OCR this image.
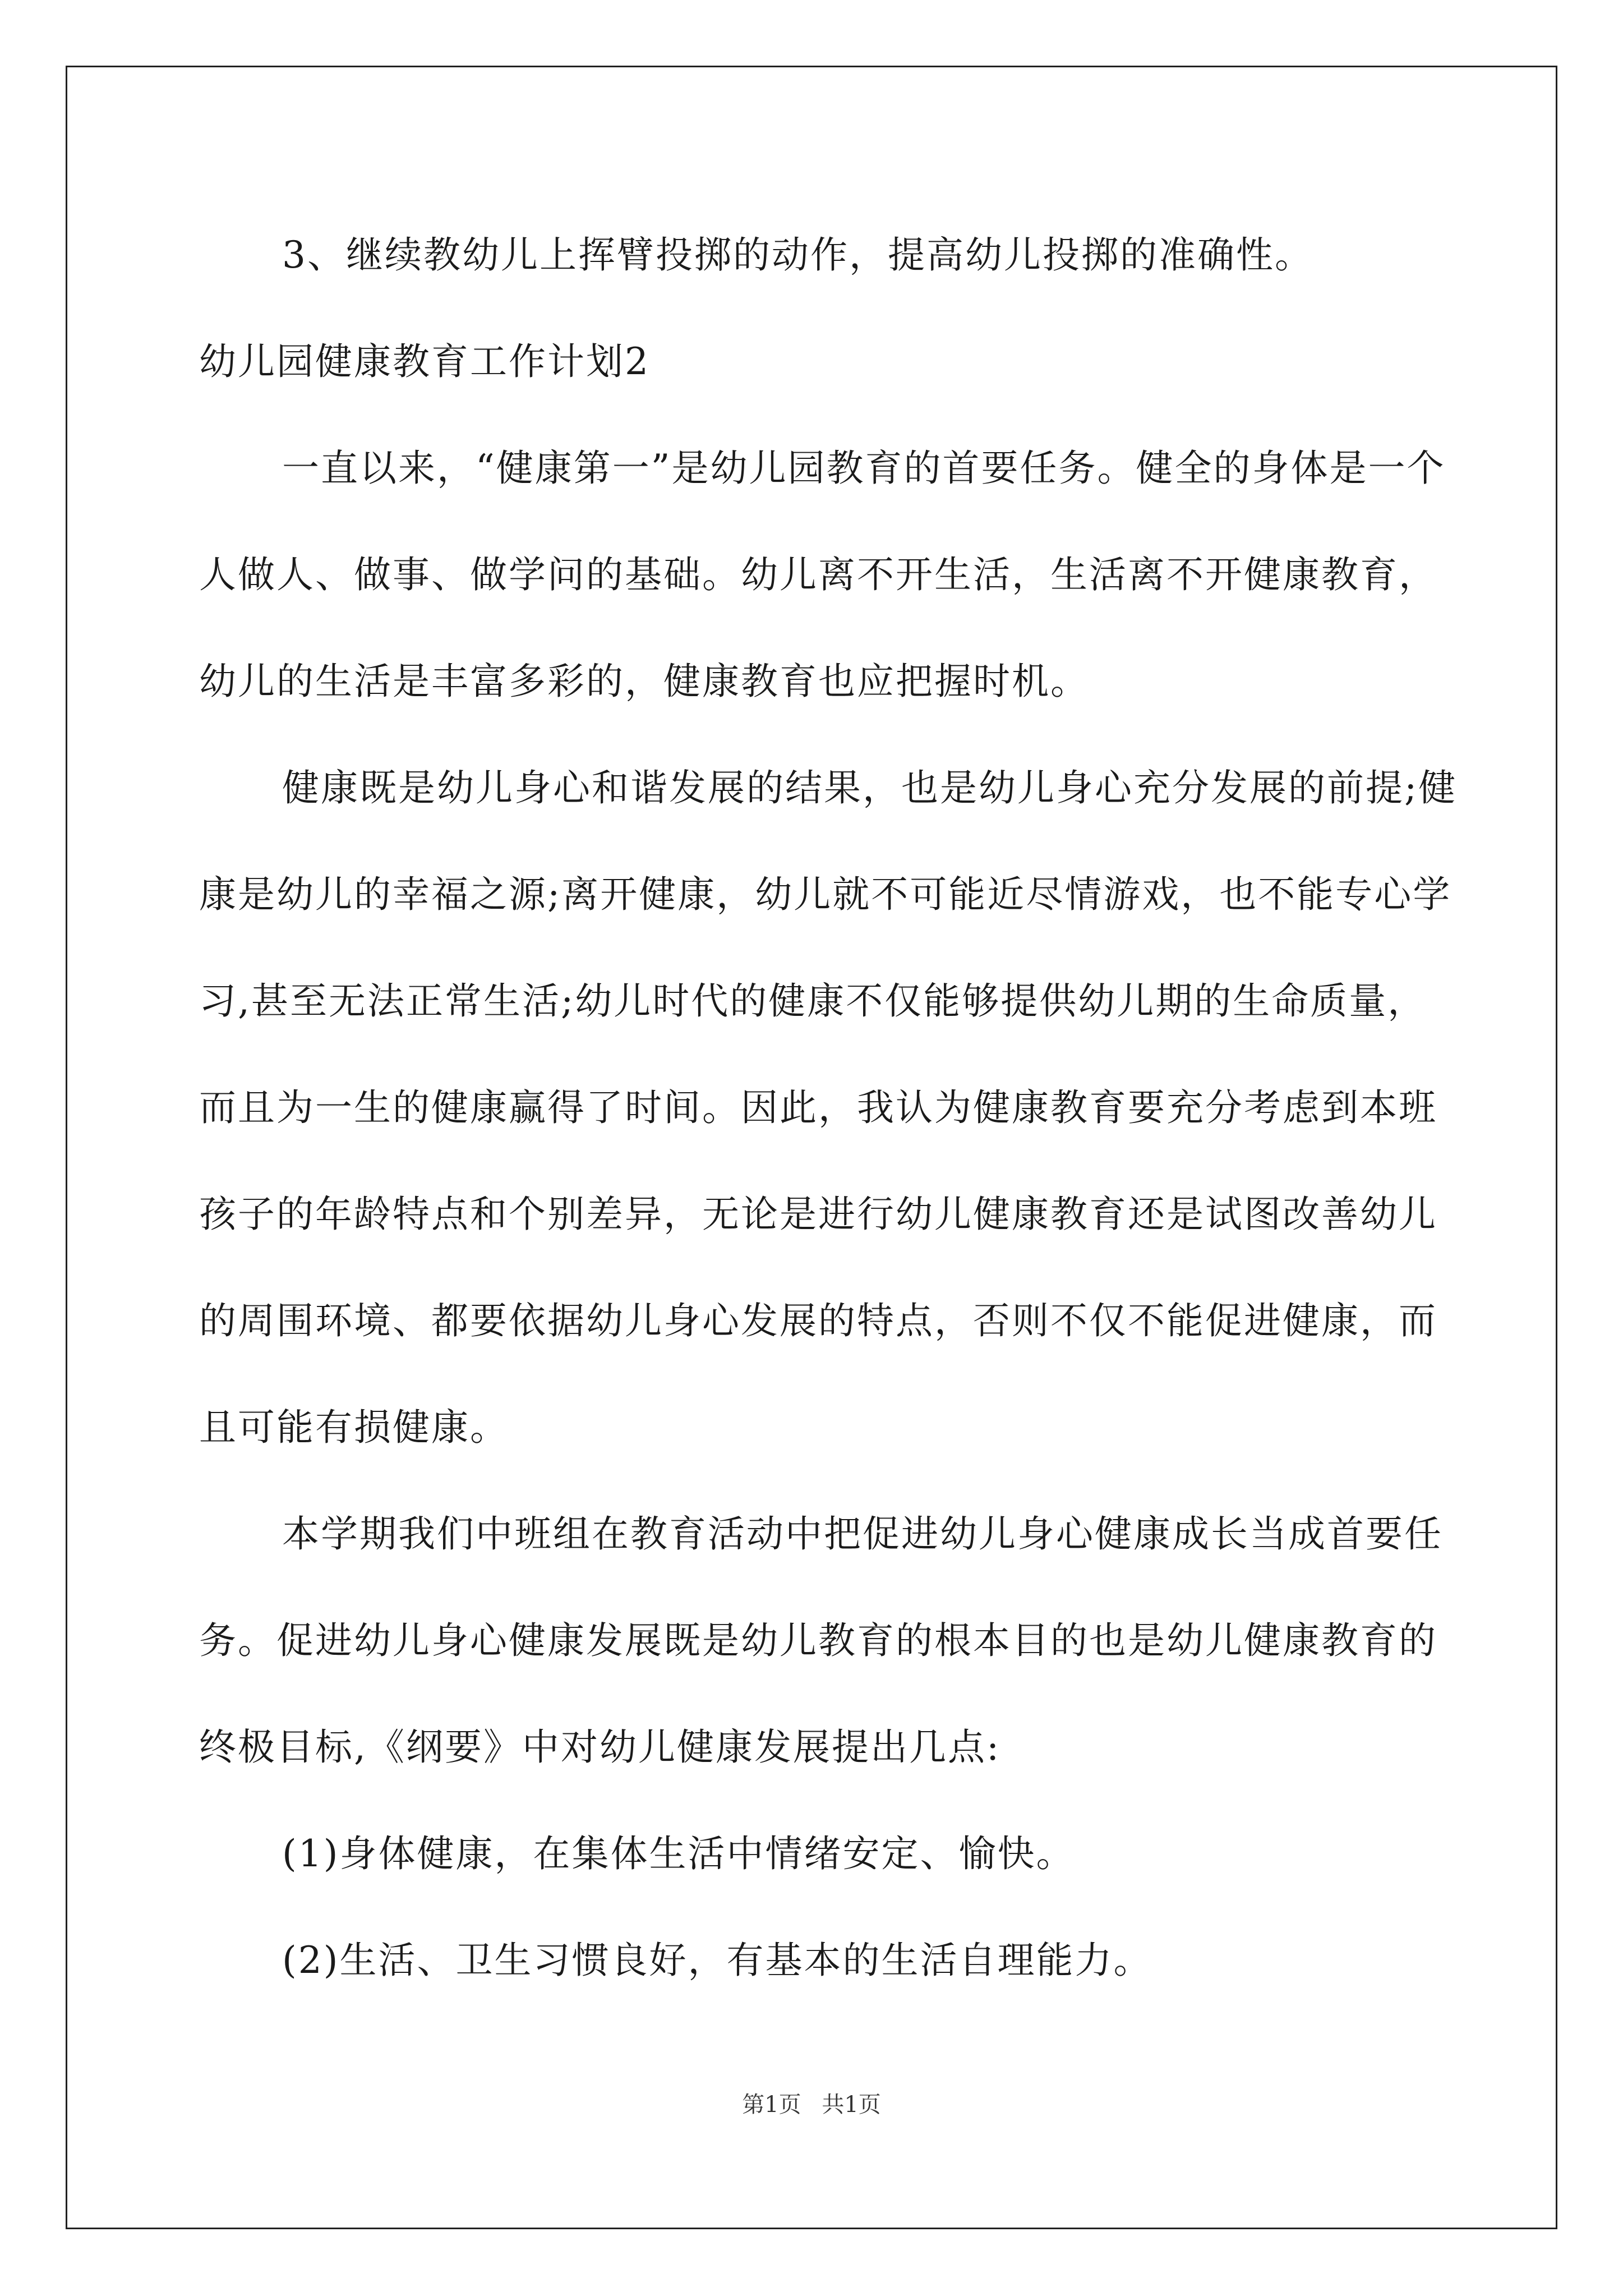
3、继续教幼儿上挥臂投掷的动作，提高幼儿投掷的准确性。

幼儿园健康教育工作计划2

一直以来，“健康第一”是幼儿园教育的首要任务。健全的身体是一个人做人、做事、做学问的基础。幼儿离不开生活，生活离不开健康教育，幼儿的生活是丰富多彩的，健康教育也应把握时机。

健康既是幼儿身心和谐发展的结果，也是幼儿身心充分发展的前提;健康是幼儿的幸福之源;离开健康，幼儿就不可能近尽情游戏，也不能专心学习,甚至无法正常生活;幼儿时代的健康不仅能够提供幼儿期的生命质量，而且为一生的健康赢得了时间。因此，我认为健康教育要充分考虑到本班孩子的年龄特点和个别差异，无论是进行幼儿健康教育还是试图改善幼儿的周围环境、都要依据幼儿身心发展的特点，否则不仅不能促进健康，而且可能有损健康。

本学期我们中班组在教育活动中把促进幼儿身心健康成长当成首要任务。促进幼儿身心健康发展既是幼儿教育的根本目的也是幼儿健康教育的终极目标,《纲要》中对幼儿健康发展提出几点:

(1)身体健康，在集体生活中情绪安定、愉快。

(2)生活、卫生习惯良好，有基本的生活自理能力。

第1页 共1页
